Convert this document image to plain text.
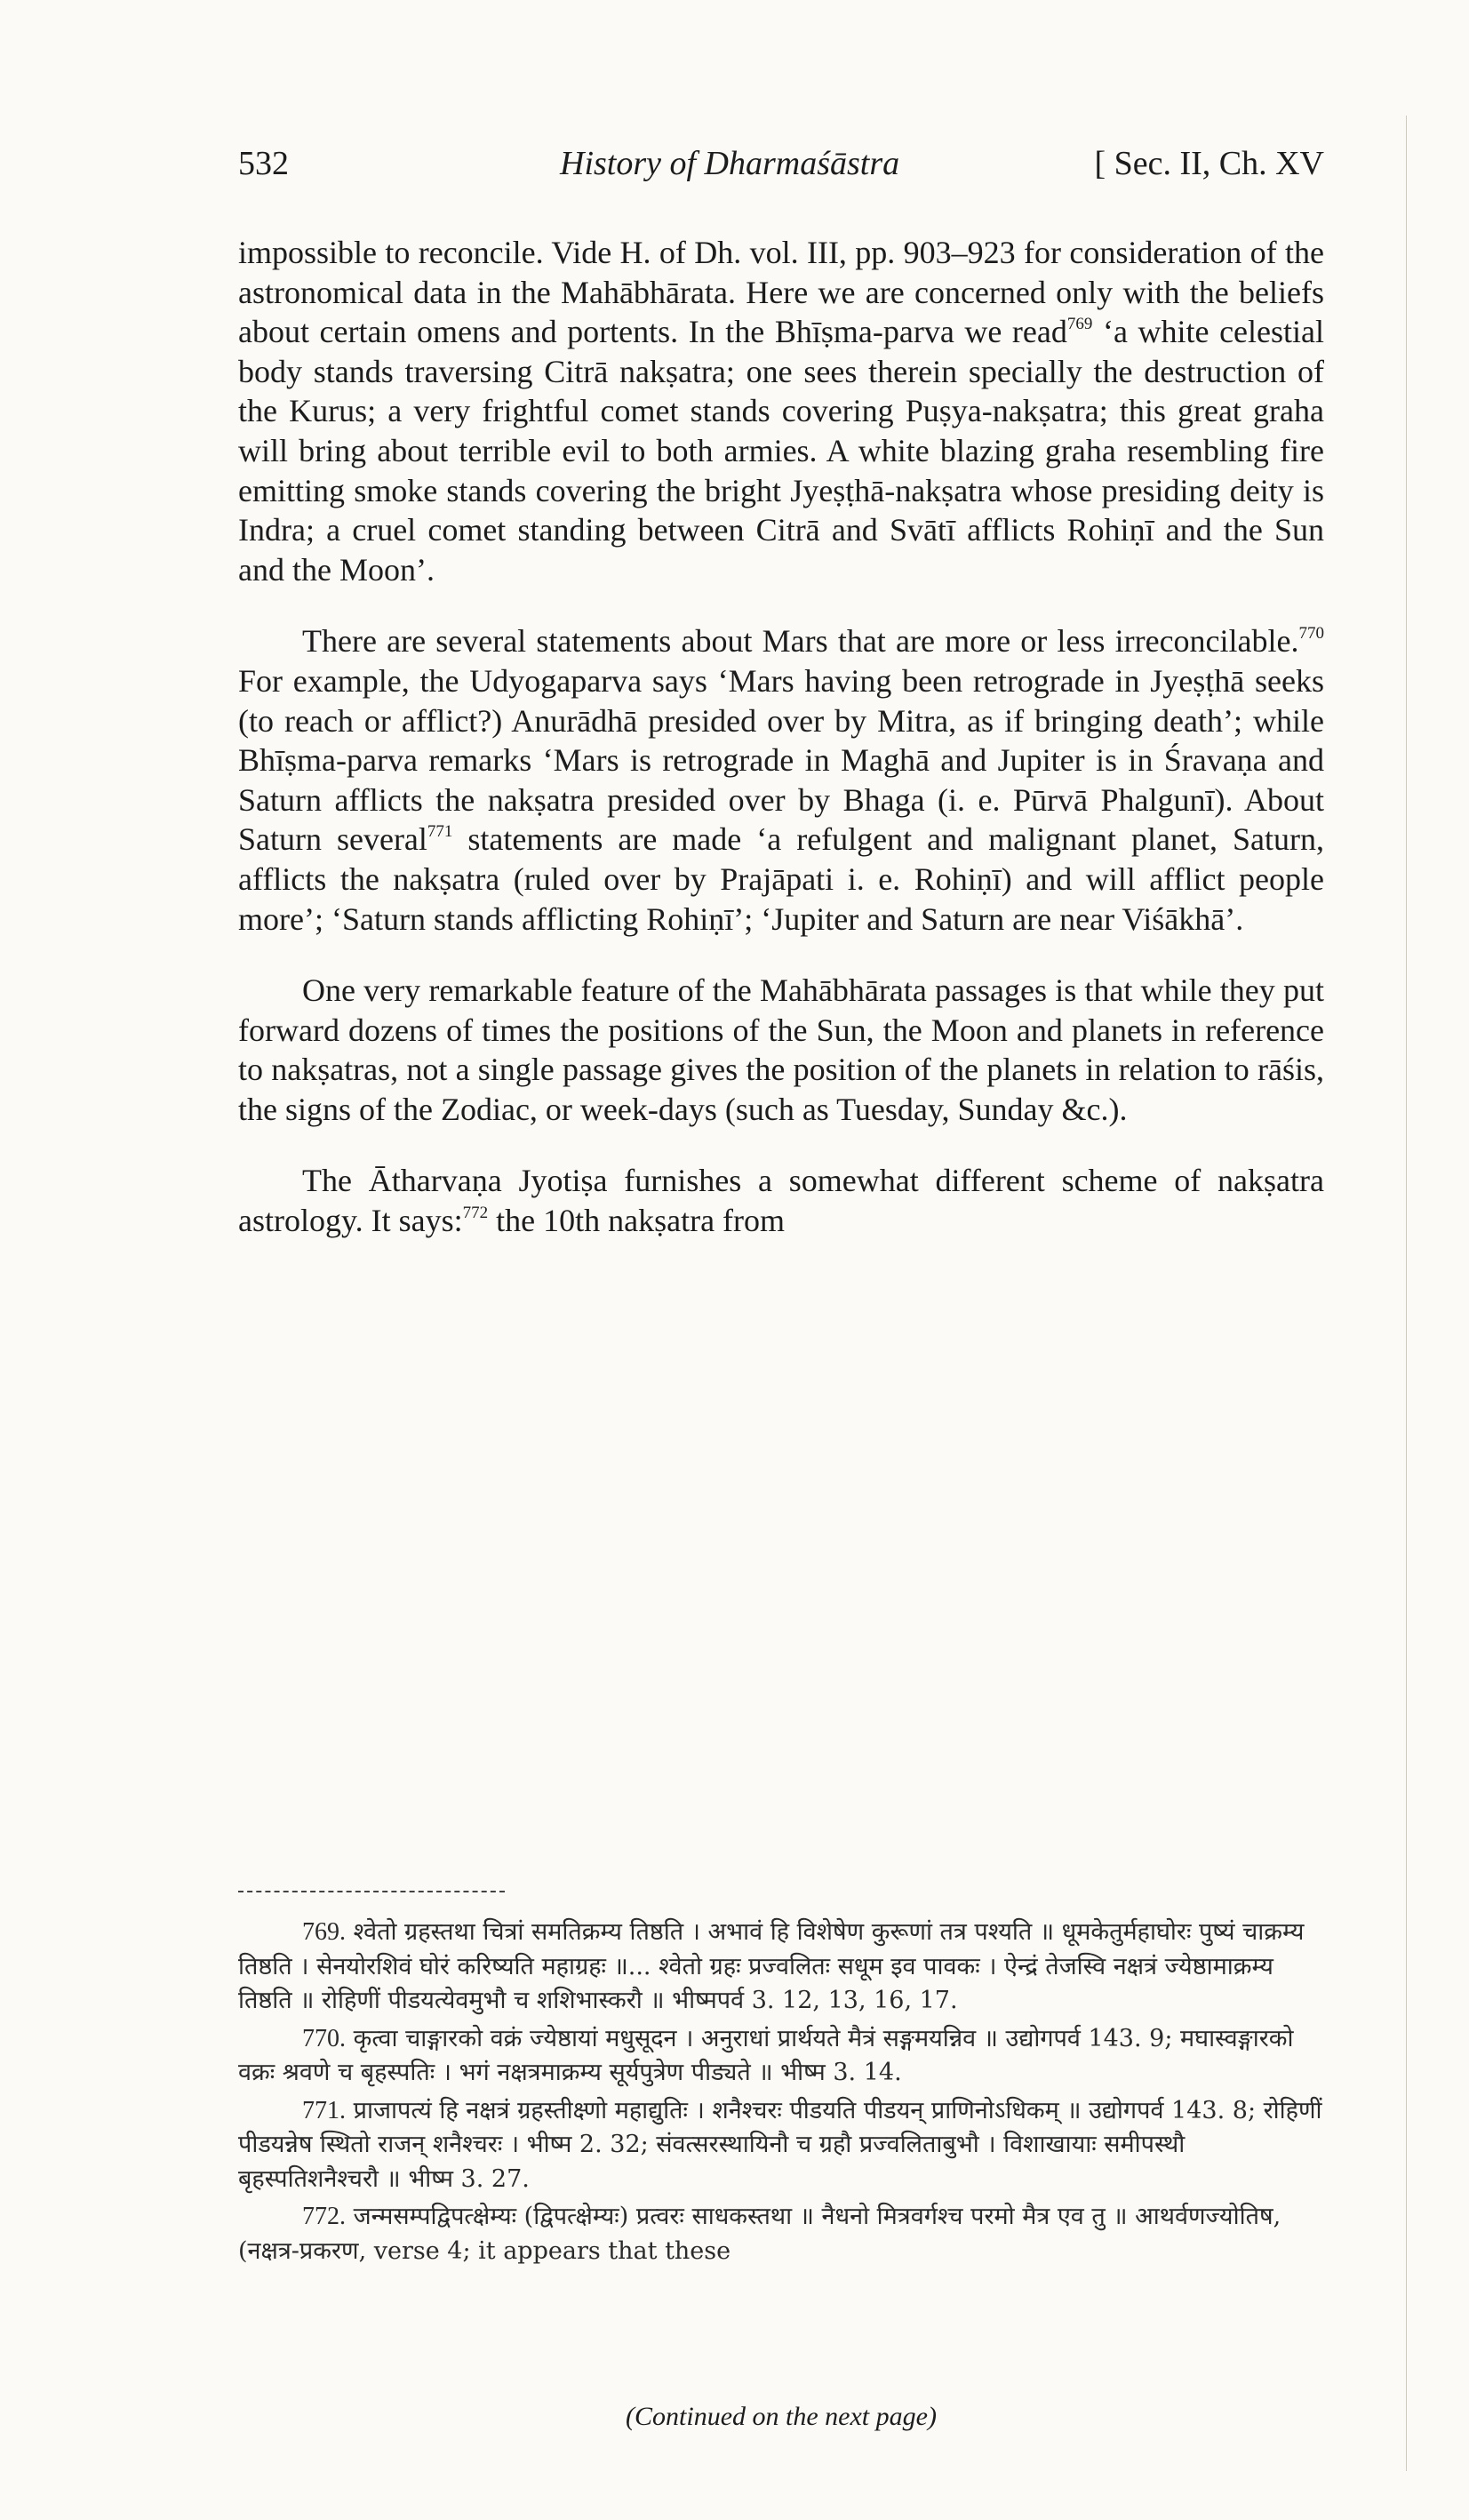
532	History of Dharmaśāstra	[ Sec. II, Ch. XV

impossible to reconcile. Vide H. of Dh. vol. III, pp. 903–923 for consideration of the astronomical data in the Mahābhārata. Here we are concerned only with the beliefs about certain omens and portents. In the Bhīṣma-parva we read$^{769}$ ‘a white celestial body stands traversing Citrā nakṣatra; one sees therein specially the destruction of the Kurus; a very frightful comet stands covering Puṣya-nakṣatra; this great graha will bring about terrible evil to both armies. A white blazing graha resembling fire emitting smoke stands covering the bright Jyeṣṭhā-nakṣatra whose presiding deity is Indra; a cruel comet standing between Citrā and Svātī afflicts Rohiṇī and the Sun and the Moon’.

There are several statements about Mars that are more or less irreconcilable.$^{770}$ For example, the Udyogaparva says ‘Mars having been retrograde in Jyeṣṭhā seeks (to reach or afflict?) Anurādhā presided over by Mitra, as if bringing death’; while Bhīṣma-parva remarks ‘Mars is retrograde in Maghā and Jupiter is in Śravaṇa and Saturn afflicts the nakṣatra presided over by Bhaga (i. e. Pūrvā Phalgunī). About Saturn several$^{771}$ statements are made ‘a refulgent and malignant planet, Saturn, afflicts the nakṣatra (ruled over by Prajāpati i. e. Rohiṇī) and will afflict people more’; ‘Saturn stands afflicting Rohiṇī’; ‘Jupiter and Saturn are near Viśākhā’.

One very remarkable feature of the Mahābhārata passages is that while they put forward dozens of times the positions of the Sun, the Moon and planets in reference to nakṣatras, not a single passage gives the position of the planets in relation to rāśis, the signs of the Zodiac, or week-days (such as Tuesday, Sunday &c.).

The Ātharvaṇa Jyotiṣa furnishes a somewhat different scheme of nakṣatra astrology. It says:$^{772}$ the 10th nakṣatra from

769. श्वेतो ग्रहस्तथा चित्रां समतिक्रम्य तिष्ठति । अभावं हि विशेषेण कुरूणां तत्र पश्यति ॥ धूमकेतुर्महाघोरः पुष्यं चाक्रम्य तिष्ठति । सेनयोरशिवं घोरं करिष्यति महाग्रहः ॥... श्वेतो ग्रहः प्रज्वलितः सधूम इव पावकः । ऐन्द्रं तेजस्वि नक्षत्रं ज्येष्ठामाक्रम्य तिष्ठति ॥ रोहिणीं पीडयत्येवमुभौ च शशिभास्करौ ॥ भीष्मपर्व 3. 12, 13, 16, 17.

770. कृत्वा चाङ्गारको वक्रं ज्येष्ठायां मधुसूदन । अनुराधां प्रार्थयते मैत्रं सङ्गमयन्निव ॥ उद्योगपर्व 143. 9; मघास्वङ्गारको वक्रः श्रवणे च बृहस्पतिः । भगं नक्षत्रमाक्रम्य सूर्यपुत्रेण पीड्यते ॥ भीष्म 3. 14.

771. प्राजापत्यं हि नक्षत्रं ग्रहस्तीक्ष्णो महाद्युतिः । शनैश्चरः पीडयति पीडयन् प्राणिनोऽधिकम् ॥ उद्योगपर्व 143. 8; रोहिणीं पीडयन्नेष स्थितो राजन् शनैश्चरः । भीष्म 2. 32; संवत्सरस्थायिनौ च ग्रहौ प्रज्वलिताबुभौ । विशाखायाः समीपस्थौ बृहस्पतिशनैश्चरौ ॥ भीष्म 3. 27.

772. जन्मसम्पद्विपत्क्षेम्यः (द्विपत्क्षेम्यः) प्रत्वरः साधकस्तथा ॥ नैधनो मित्रवर्गश्च परमो मैत्र एव तु ॥ आथर्वणज्योतिष, (नक्षत्र-प्रकरण, verse 4; it appears that these

(Continued on the next page)
